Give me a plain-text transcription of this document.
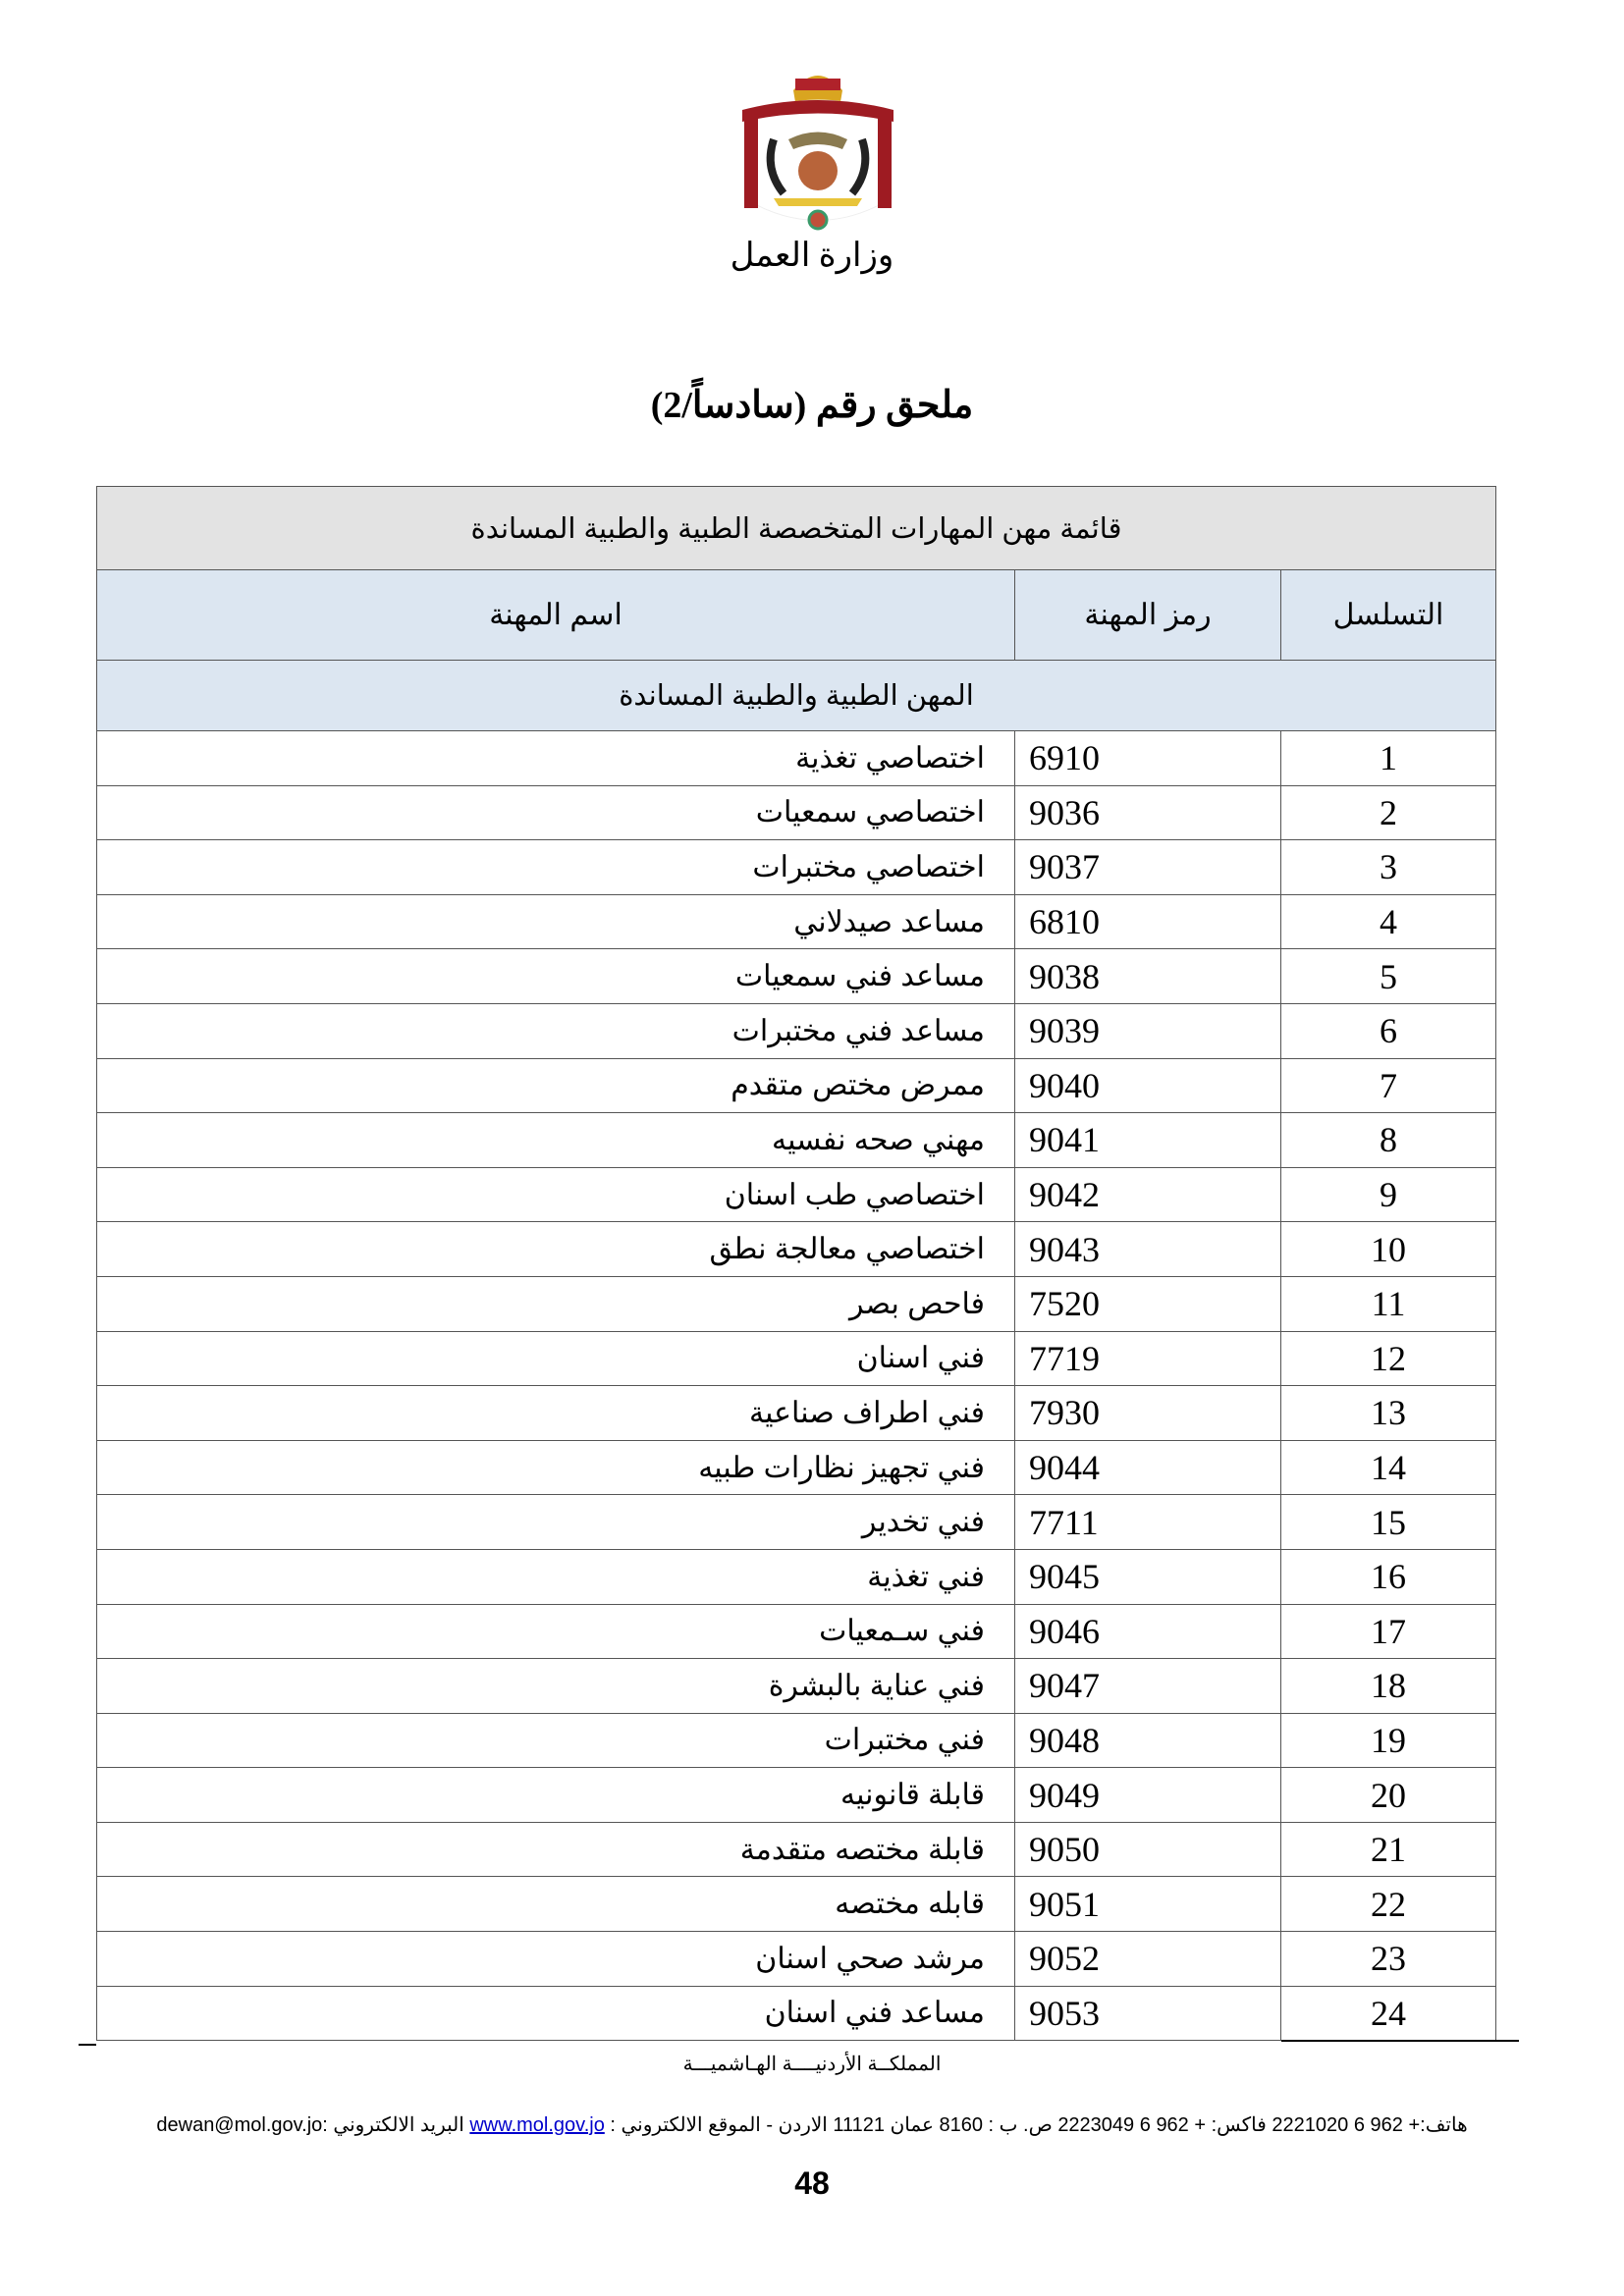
وزارة العمل
ملحق رقم (سادساً/2)
قائمة مهن المهارات المتخصصة الطبية والطبية المساندة		
التسلسل	رمز المهنة	اسم المهنة
المهن الطبية والطبية المساندة		
1	6910	اختصاصي تغذية
2	9036	اختصاصي سمعيات
3	9037	اختصاصي مختبرات
4	6810	مساعد صيدلاني
5	9038	مساعد فني سمعيات
6	9039	مساعد فني مختبرات
7	9040	ممرض مختص متقدم
8	9041	مهني صحه نفسيه
9	9042	اختصاصي طب اسنان
10	9043	اختصاصي معالجة نطق
11	7520	فاحص بصر
12	7719	فني اسنان
13	7930	فني اطراف صناعية
14	9044	فني تجهيز نظارات طبيه
15	7711	فني تخدير
16	9045	فني تغذية
17	9046	فني سـمعيات
18	9047	فني عناية بالبشرة
19	9048	فني مختبرات
20	9049	قابلة قانونيه
21	9050	قابلة مختصه متقدمة
22	9051	قابله مختصه
23	9052	مرشد صحي اسنان
24	9053	مساعد فني اسنان
المملكــة الأردنيــــة الهـاشميـــة
هاتف:+ 962 6 2221020 فاكس: + 962 6 2223049 ص. ب : 8160 عمان 11121 الاردن - الموقع الالكتروني : www.mol.gov.jo البريد الالكتروني :dewan@mol.gov.jo
48
